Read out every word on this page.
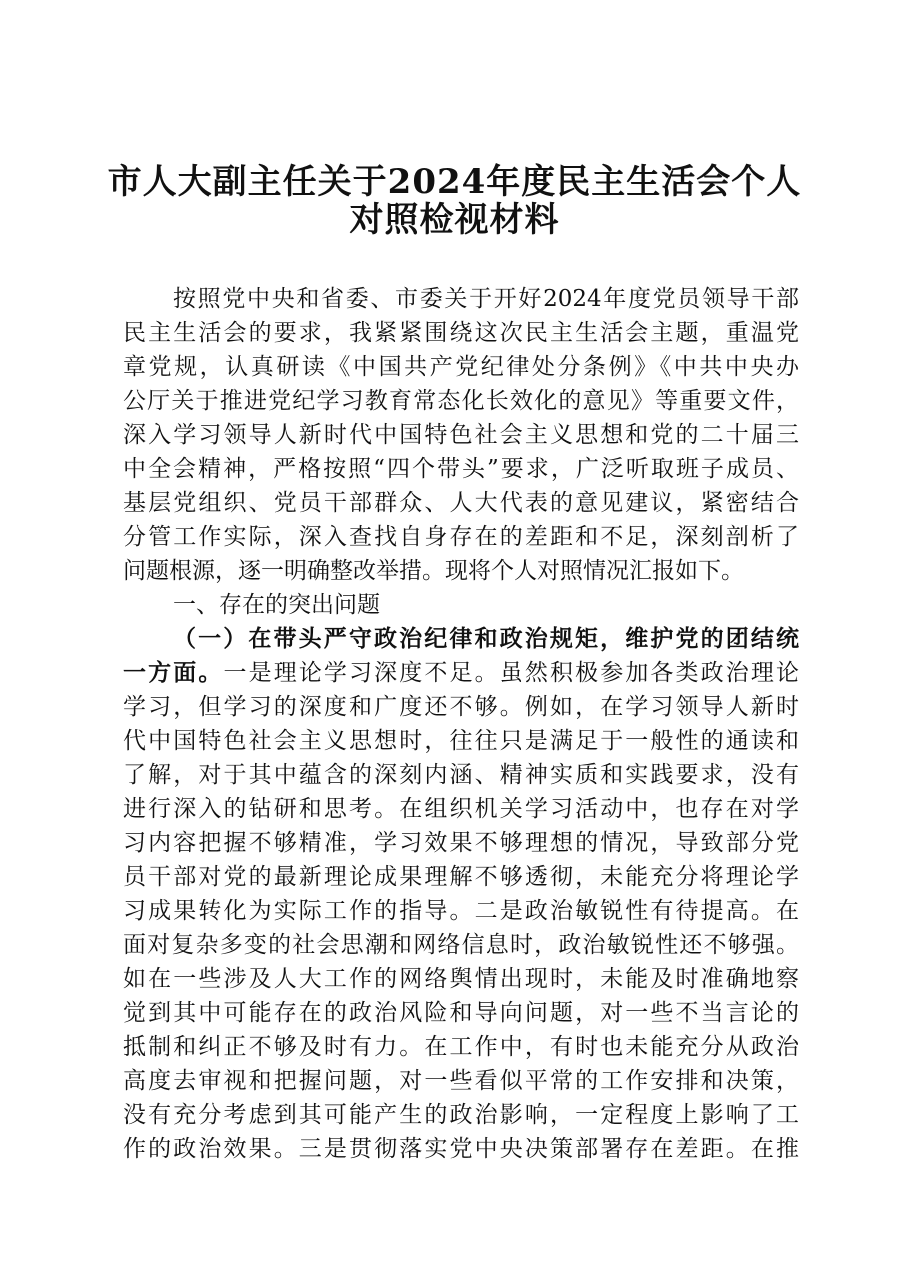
市人大副主任关于2024年度民主生活会个人
对照检视材料
按照党中央和省委、市委关于开好2024年度党员领导干部
民主生活会的要求，我紧紧围绕这次民主生活会主题，重温党
章党规，认真研读《中国共产党纪律处分条例》《中共中央办
公厅关于推进党纪学习教育常态化长效化的意见》等重要文件，
深入学习领导人新时代中国特色社会主义思想和党的二十届三
中全会精神，严格按照“四个带头”要求，广泛听取班子成员、
基层党组织、党员干部群众、人大代表的意见建议，紧密结合
分管工作实际，深入查找自身存在的差距和不足，深刻剖析了
问题根源，逐一明确整改举措。现将个人对照情况汇报如下。
一、存在的突出问题
（一）在带头严守政治纪律和政治规矩，维护党的团结统
一方面。一是理论学习深度不足。虽然积极参加各类政治理论
学习，但学习的深度和广度还不够。例如，在学习领导人新时
代中国特色社会主义思想时，往往只是满足于一般性的通读和
了解，对于其中蕴含的深刻内涵、精神实质和实践要求，没有
进行深入的钻研和思考。在组织机关学习活动中，也存在对学
习内容把握不够精准，学习效果不够理想的情况，导致部分党
员干部对党的最新理论成果理解不够透彻，未能充分将理论学
习成果转化为实际工作的指导。二是政治敏锐性有待提高。在
面对复杂多变的社会思潮和网络信息时，政治敏锐性还不够强。
如在一些涉及人大工作的网络舆情出现时，未能及时准确地察
觉到其中可能存在的政治风险和导向问题，对一些不当言论的
抵制和纠正不够及时有力。在工作中，有时也未能充分从政治
高度去审视和把握问题，对一些看似平常的工作安排和决策，
没有充分考虑到其可能产生的政治影响，一定程度上影响了工
作的政治效果。三是贯彻落实党中央决策部署存在差距。在推
